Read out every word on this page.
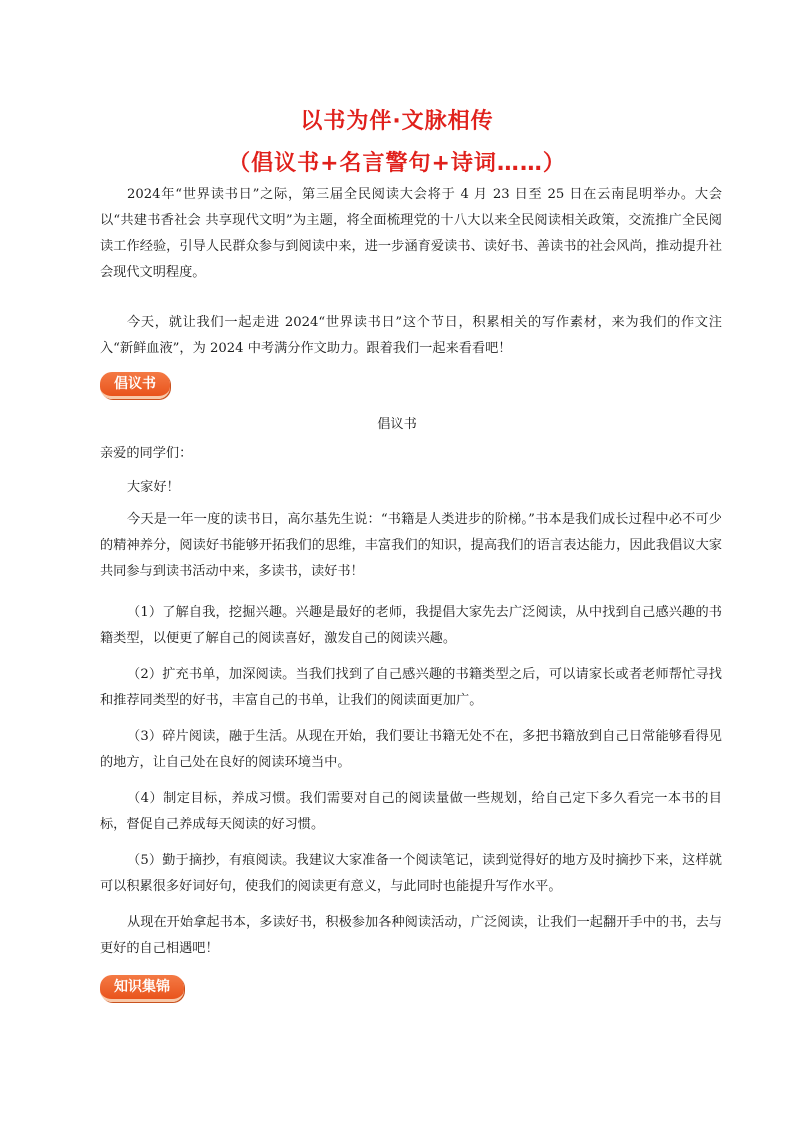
以书为伴·文脉相传
（倡议书+名言警句+诗词……）

2024年“世界读书日”之际，第三届全民阅读大会将于 4 月 23 日至 25 日在云南昆明举办。大会以“共建书香社会 共享现代文明”为主题，将全面梳理党的十八大以来全民阅读相关政策，交流推广全民阅读工作经验，引导人民群众参与到阅读中来，进一步涵育爱读书、读好书、善读书的社会风尚，推动提升社会现代文明程度。

今天，就让我们一起走进 2024“世界读书日”这个节日，积累相关的写作素材，来为我们的作文注入“新鲜血液”，为 2024 中考满分作文助力。跟着我们一起来看看吧！

倡议书

倡议书

亲爱的同学们：

大家好！

今天是一年一度的读书日，高尔基先生说：“书籍是人类进步的阶梯。”书本是我们成长过程中必不可少的精神养分，阅读好书能够开拓我们的思维，丰富我们的知识，提高我们的语言表达能力，因此我倡议大家共同参与到读书活动中来，多读书，读好书！

（1）了解自我，挖掘兴趣。兴趣是最好的老师，我提倡大家先去广泛阅读，从中找到自己感兴趣的书籍类型，以便更了解自己的阅读喜好，激发自己的阅读兴趣。

（2）扩充书单，加深阅读。当我们找到了自己感兴趣的书籍类型之后，可以请家长或者老师帮忙寻找和推荐同类型的好书，丰富自己的书单，让我们的阅读面更加广。

（3）碎片阅读，融于生活。从现在开始，我们要让书籍无处不在，多把书籍放到自己日常能够看得见的地方，让自己处在良好的阅读环境当中。

（4）制定目标，养成习惯。我们需要对自己的阅读量做一些规划，给自己定下多久看完一本书的目标，督促自己养成每天阅读的好习惯。

（5）勤于摘抄，有痕阅读。我建议大家准备一个阅读笔记，读到觉得好的地方及时摘抄下来，这样就可以积累很多好词好句，使我们的阅读更有意义，与此同时也能提升写作水平。

从现在开始拿起书本，多读好书，积极参加各种阅读活动，广泛阅读，让我们一起翻开手中的书，去与更好的自己相遇吧！

知识集锦
